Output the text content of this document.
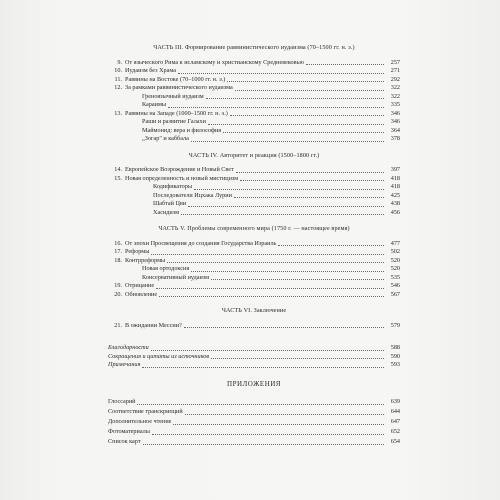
ЧАСТЬ III. Формирование раввинистического иудаизма (70–1500 гг. н. э.)
9. От языческого Рима к исламскому и христианскому Средневековью	257
10. Иудаизм без Храма	271
11. Раввины на Востоке (70–1000 гг. н. э.)	292
12. За рамками раввинистического иудаизма	322
Греноязычный иудаизм	322
Караимы	335
13. Раввины на Западе (1000–1500 гг. н. э.)	346
Раши и развитие Галахи	346
Маймонид: вера и философия	364
„Зогар" и каббала	378
ЧАСТЬ IV. Авторитет и реакция (1500–1800 гг.)
14. Европейское Возрождение и Новый Свет	397
15. Новая определенность и новый мистицизм	418
Кодификаторы	418
Последователи Ицхака Лурии	425
Шабтай Цви	438
Хасидизм	456
ЧАСТЬ V. Проблемы современного мира (1750 г. — настоящее время)
16. От эпохи Просвещения до создания Государства Израиль	477
17. Реформы	502
18. Контрреформы	520
Новая ортодоксия	520
Консервативный иудаизм	535
19. Отрицание	546
20. Обновление	567
ЧАСТЬ VI. Заключение
21. В ожидании Мессии?	579
Благодарности	588
Сокращения и цитаты из источников	590
Примечания	593
ПРИЛОЖЕНИЯ
Глоссарий	639
Соответствие транскрипций	644
Дополнительное чтение	647
Фотоматериалы	652
Список карт	654
